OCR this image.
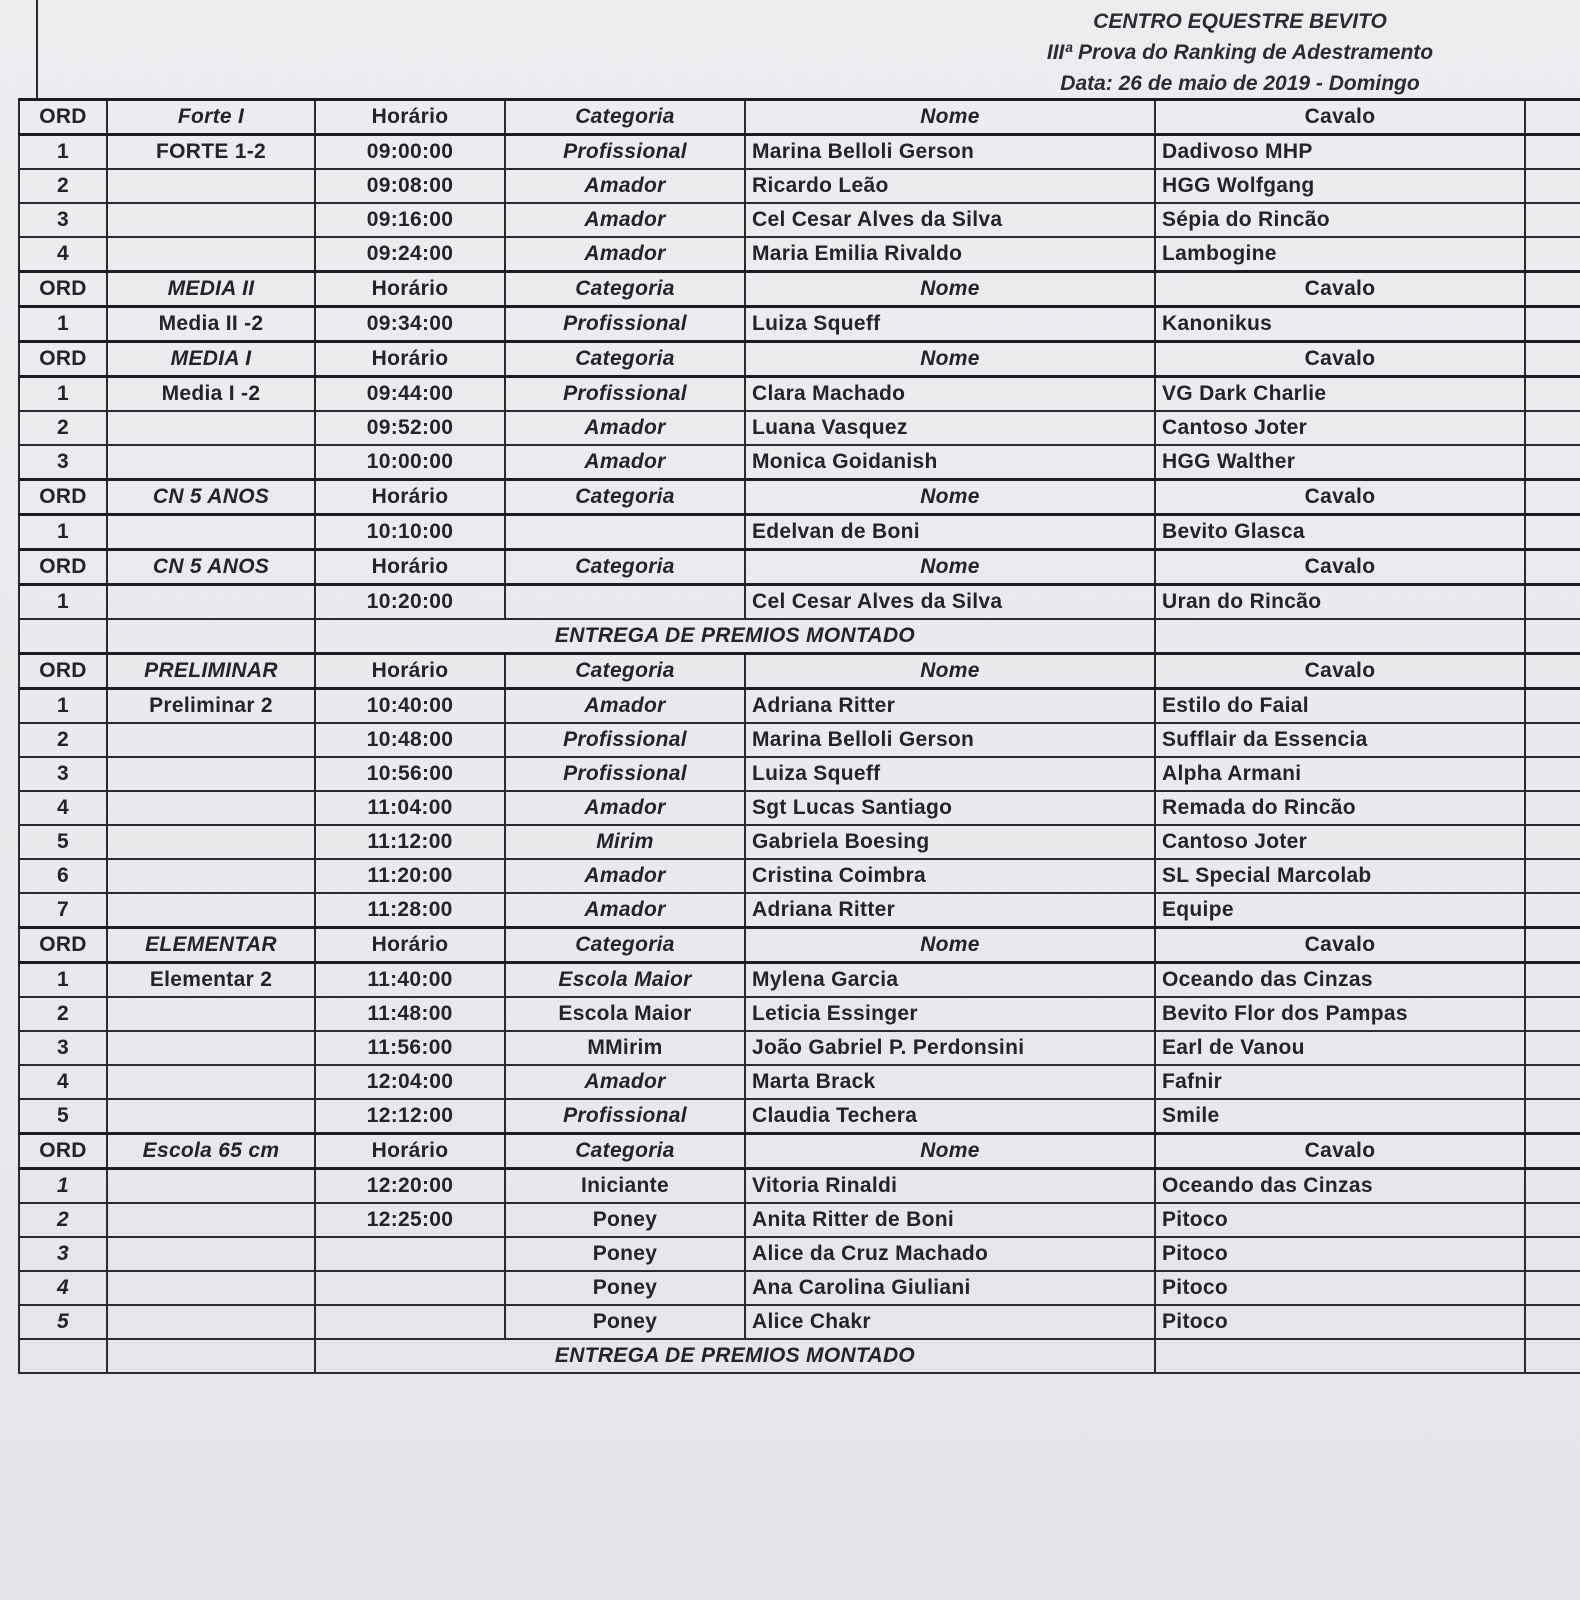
CENTRO EQUESTRE BEVITO
IIIª Prova do Ranking de Adestramento
Data: 26 de maio de 2019 - Domingo
ORD	Forte I	Horário	Categoria	Nome	Cavalo	
1	FORTE 1-2	09:00:00	Profissional	Marina Belloli Gerson	Dadivoso MHP	
2		09:08:00	Amador	Ricardo Leão	HGG Wolfgang	
3		09:16:00	Amador	Cel Cesar Alves da Silva	Sépia do Rincão	
4		09:24:00	Amador	Maria Emilia Rivaldo	Lambogine	
ORD	MEDIA II	Horário	Categoria	Nome	Cavalo	
1	Media II -2	09:34:00	Profissional	Luiza Squeff	Kanonikus	
ORD	MEDIA I	Horário	Categoria	Nome	Cavalo	
1	Media I -2	09:44:00	Profissional	Clara Machado	VG Dark Charlie	
2		09:52:00	Amador	Luana Vasquez	Cantoso Joter	
3		10:00:00	Amador	Monica Goidanish	HGG Walther	
ORD	CN 5 ANOS	Horário	Categoria	Nome	Cavalo	
1		10:10:00		Edelvan de Boni	Bevito Glasca	
ORD	CN 5 ANOS	Horário	Categoria	Nome	Cavalo	
1		10:20:00		Cel Cesar Alves da Silva	Uran do Rincão	
		ENTREGA DE PREMIOS MONTADO				
ORD	PRELIMINAR	Horário	Categoria	Nome	Cavalo	
1	Preliminar 2	10:40:00	Amador	Adriana Ritter	Estilo do Faial	
2		10:48:00	Profissional	Marina Belloli Gerson	Sufflair da Essencia	
3		10:56:00	Profissional	Luiza Squeff	Alpha Armani	
4		11:04:00	Amador	Sgt Lucas Santiago	Remada do Rincão	
5		11:12:00	Mirim	Gabriela Boesing	Cantoso Joter	
6		11:20:00	Amador	Cristina Coimbra	SL Special Marcolab	
7		11:28:00	Amador	Adriana Ritter	Equipe	
ORD	ELEMENTAR	Horário	Categoria	Nome	Cavalo	
1	Elementar 2	11:40:00	Escola Maior	Mylena Garcia	Oceando das Cinzas	
2		11:48:00	Escola Maior	Leticia Essinger	Bevito Flor dos Pampas	
3		11:56:00	MMirim	João Gabriel P. Perdonsini	Earl de Vanou	
4		12:04:00	Amador	Marta Brack	Fafnir	
5		12:12:00	Profissional	Claudia Techera	Smile	
ORD	Escola 65 cm	Horário	Categoria	Nome	Cavalo	
1		12:20:00	Iniciante	Vitoria Rinaldi	Oceando das Cinzas	
2		12:25:00	Poney	Anita Ritter de Boni	Pitoco	
3			Poney	Alice da Cruz Machado	Pitoco	
4			Poney	Ana Carolina Giuliani	Pitoco	
5			Poney	Alice Chakr	Pitoco	
		ENTREGA DE PREMIOS MONTADO				
